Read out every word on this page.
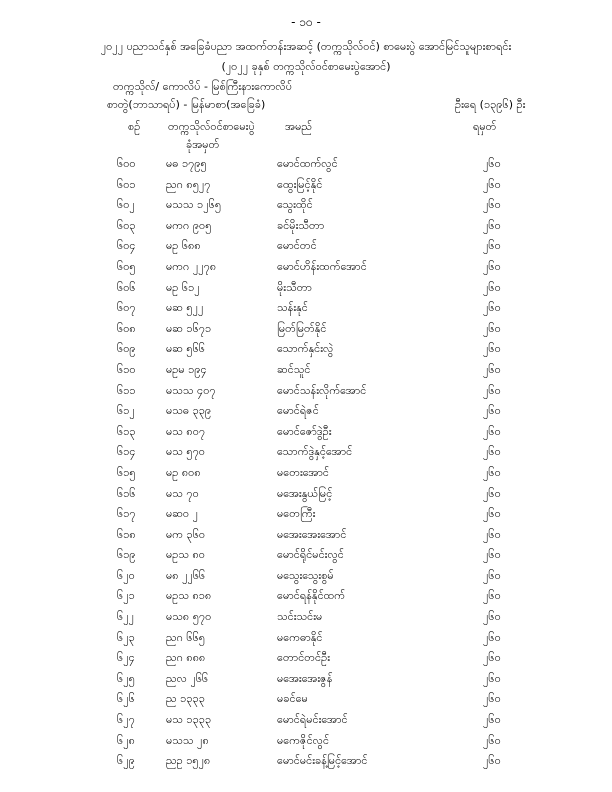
- ၁၀ -
၂၀၂၂ ပညာသင်နှစ် အခြေခံပညာ အထက်တန်းအဆင့် (တက္ကသိုလ်ဝင်) စာမေးပွဲ အောင်မြင်သူများစာရင်း
(၂၀၂၂ ခုနှစ် တက္ကသိုလ်ဝင်စာမေးပွဲအောင်)
တက္ကသိုလ်/ ကောလိပ် - မြစ်ကြီးနားကောလိပ်
စာတွဲ(ဘာသာရပ်) - မြန်မာစာ(အခြေခံ)	ဦးရေ (၁၃၉၆) ဦး
စဉ်	တက္ကသိုလ်ဝင်စာမေးပွဲ
ခုံအမှတ်
အမည်	ရမှတ်
၆၀၀	မဓ ၁၇၉၅	မောင်ထက်လွင်	၂၆၀
၆၀၁	ညဂ ၈၅၂၇	ထွေးမြင့်နိုင်	၂၆၀
၆၀၂	မသသ ၁၂၆၅	သွေးထိုင်	၂၆၀
၆၀၃	မကဂ ၉၀၅	ခင်မိုးသီတာ	၂၆၀
၆၀၄	မဥ ၆၈၈	မောင်တင်	၂၆၀
၆၀၅	မကဂ ၂၂၇၈	မောင်ဟိန်းထက်အောင်	၂၆၀
၆၀၆	မဥ ၆၁၂	မိုးသီတာ	၂၆၀
၆၀၇	မဆ ၅၂၂	သန်းနုင်	၂၆၀
၆၀၈	မဆ ၁၆၇၁	မြတ်မြတ်နိုင်	၂၆၀
၆၀၉	မဆ ၅၆၆	သောက်နှင်းလွဲ	၂၆၀
၆၁၀	မဥမ ၁၉၄	ဆင်သူင်	၂၆၀
၆၁၁	မသသ ၄၀၇	မောင်သန်းလိုက်အောင်	၂၆၀
၆၁၂	မသဓ ၃၃၉	မောင်ရဲဇင်	၂၆၀
၆၁၃	မသ ၈၀၇	မောင်ဇော်ဒွဲဦး	၂၆၀
၆၁၄	မသ ၅၇၀	သောက်ဒွဲနှင့်အောင်	၂၆၀
၆၁၅	မဥ ၈၀၈	မတေးအောင်	၂၆၀
၆၁၆	မသ ၇၀	မအေးနွယ်မြင့်	၂၆၀
၆၁၇	မဆ၀ ၂	မတေကြီး	၂၆၀
၆၁၈	မက ၃၆၀	မအေးအေးအောင်	၂၆၀
၆၁၉	မဥသ ၈၀	မောင်ရိုင်မင်းလွင်	၂၆၀
၆၂၀	မ၈ ၂၂၆၆	မသွေးသွေးစွမ်	၂၆၀
၆၂၁	မဥသ ၈၁၈	မောင်ရန်နိုင်ထက်	၂၆၀
၆၂၂	မသ၈ ၅၇၀	သင်းသင်းမ	၂၆၀
၆၂၃	ညဂ ၆၆၅	မကေဓာနိုင်	၂၆၀
၆၂၄	ညဂ ၈၈၈	တောင်တင်ဦး	၂၆၀
၆၂၅	ညလ ၂၆၆	မအေးအေးဇွန်	၂၆၀
၆၂၆	ည ၁၃၃၃	မခင်မေ	၂၆၀
၆၂၇	မသ ၁၃၃၃	မောင်ရဲမင်းအောင်	၂၆၀
၆၂၈	မသသ ၂၈	မကေဇိုင်လွင်	၂၆၀
၆၂၉	ညဥ ၁၅၂၈	မောင်မင်းခန့်မြင့်အောင်	၂၆၀
